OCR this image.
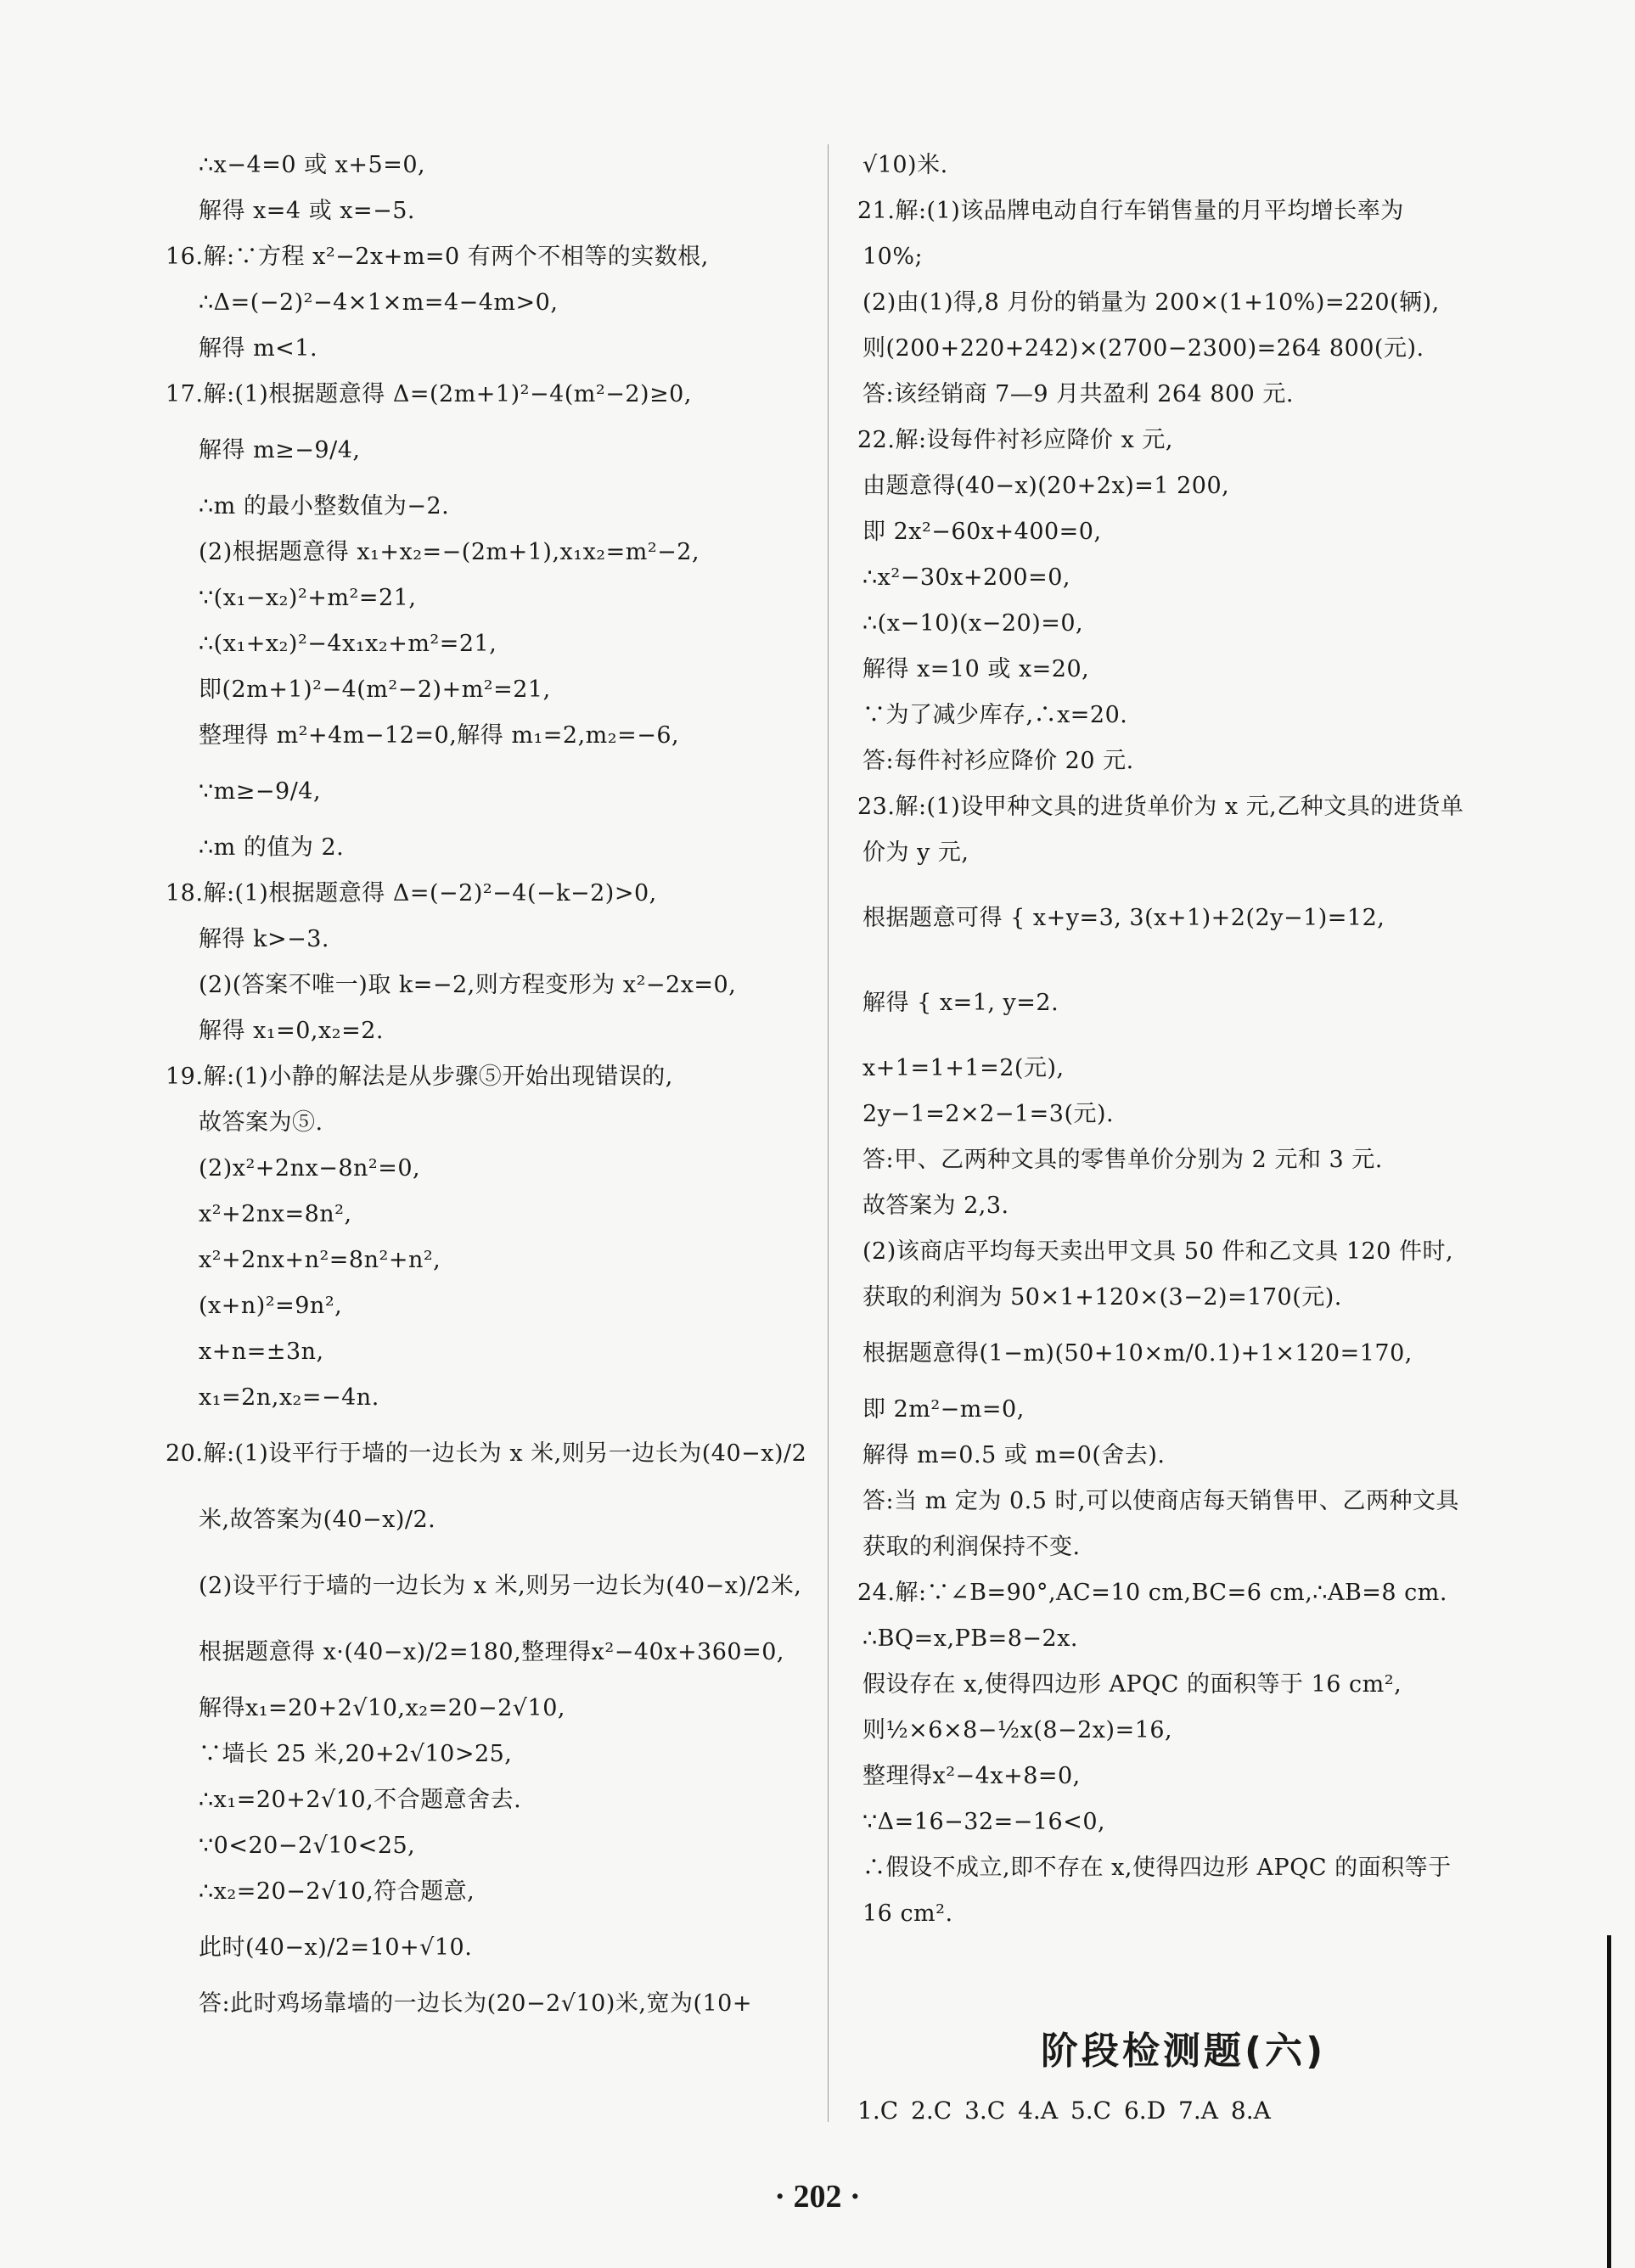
∴x−4=0 或 x+5=0,
解得 x=4 或 x=−5.
16.解:∵方程 x²−2x+m=0 有两个不相等的实数根,
∴Δ=(−2)²−4×1×m=4−4m>0,
解得 m<1.
17.解:(1)根据题意得 Δ=(2m+1)²−4(m²−2)≥0,
解得 m≥−9/4,
∴m 的最小整数值为−2.
(2)根据题意得 x₁+x₂=−(2m+1),x₁x₂=m²−2,
∵(x₁−x₂)²+m²=21,
∴(x₁+x₂)²−4x₁x₂+m²=21,
即(2m+1)²−4(m²−2)+m²=21,
整理得 m²+4m−12=0,解得 m₁=2,m₂=−6,
∵m≥−9/4,
∴m 的值为 2.
18.解:(1)根据题意得 Δ=(−2)²−4(−k−2)>0,
解得 k>−3.
(2)(答案不唯一)取 k=−2,则方程变形为 x²−2x=0,
解得 x₁=0,x₂=2.
19.解:(1)小静的解法是从步骤⑤开始出现错误的,
故答案为⑤.
(2)x²+2nx−8n²=0,
x²+2nx=8n²,
x²+2nx+n²=8n²+n²,
(x+n)²=9n²,
x+n=±3n,
x₁=2n,x₂=−4n.
20.解:(1)设平行于墙的一边长为 x 米,则另一边长为(40−x)/2
米,故答案为(40−x)/2.
(2)设平行于墙的一边长为 x 米,则另一边长为(40−x)/2米,
根据题意得 x·(40−x)/2=180,整理得x²−40x+360=0,
解得x₁=20+2√10,x₂=20−2√10,
∵墙长 25 米,20+2√10>25,
∴x₁=20+2√10,不合题意舍去.
∵0<20−2√10<25,
∴x₂=20−2√10,符合题意,
此时(40−x)/2=10+√10.
答:此时鸡场靠墙的一边长为(20−2√10)米,宽为(10+
√10)米.
21.解:(1)该品牌电动自行车销售量的月平均增长率为
10%;
(2)由(1)得,8 月份的销量为 200×(1+10%)=220(辆),
则(200+220+242)×(2700−2300)=264 800(元).
答:该经销商 7—9 月共盈利 264 800 元.
22.解:设每件衬衫应降价 x 元,
由题意得(40−x)(20+2x)=1 200,
即 2x²−60x+400=0,
∴x²−30x+200=0,
∴(x−10)(x−20)=0,
解得 x=10 或 x=20,
∵为了减少库存,∴x=20.
答:每件衬衫应降价 20 元.
23.解:(1)设甲种文具的进货单价为 x 元,乙种文具的进货单
价为 y 元,
根据题意可得 { x+y=3, 3(x+1)+2(2y−1)=12,
解得 { x=1, y=2.
x+1=1+1=2(元),
2y−1=2×2−1=3(元).
答:甲、乙两种文具的零售单价分别为 2 元和 3 元.
故答案为 2,3.
(2)该商店平均每天卖出甲文具 50 件和乙文具 120 件时,
获取的利润为 50×1+120×(3−2)=170(元).
根据题意得(1−m)(50+10×m/0.1)+1×120=170,
即 2m²−m=0,
解得 m=0.5 或 m=0(舍去).
答:当 m 定为 0.5 时,可以使商店每天销售甲、乙两种文具
获取的利润保持不变.
24.解:∵∠B=90°,AC=10 cm,BC=6 cm,∴AB=8 cm.
∴BQ=x,PB=8−2x.
假设存在 x,使得四边形 APQC 的面积等于 16 cm²,
则½×6×8−½x(8−2x)=16,
整理得x²−4x+8=0,
∵Δ=16−32=−16<0,
∴假设不成立,即不存在 x,使得四边形 APQC 的面积等于
16 cm².
阶段检测题(六)
1.C 2.C 3.C 4.A 5.C 6.D 7.A 8.A
· 202 ·
